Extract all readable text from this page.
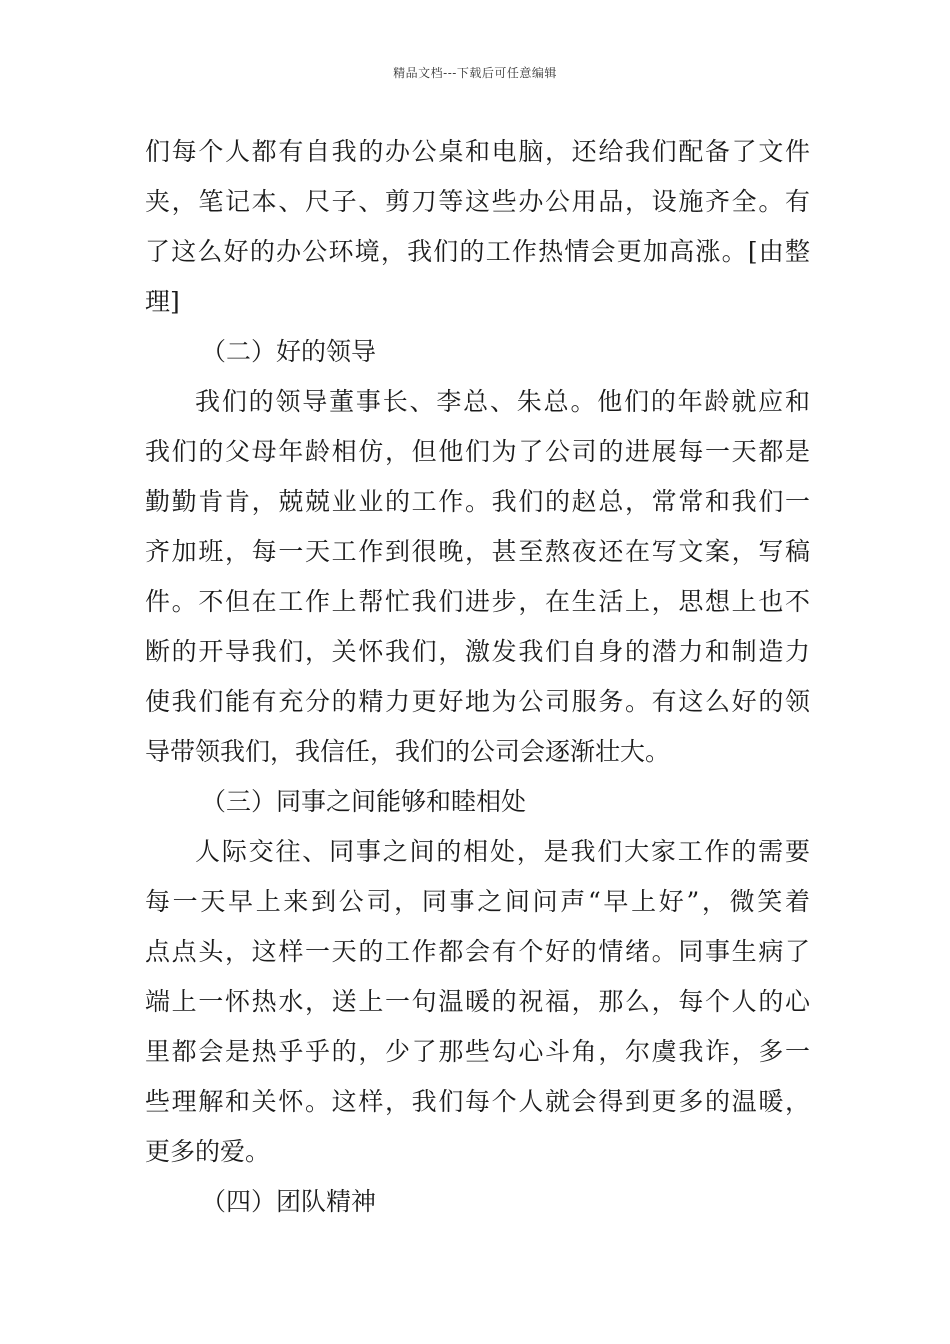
精品文档---下载后可任意编辑
们每个人都有自我的办公桌和电脑，还给我们配备了文件
夹，笔记本、尺子、剪刀等这些办公用品，设施齐全。有
了这么好的办公环境，我们的工作热情会更加高涨。[由整
理]
（二）好的领导
我们的领导董事长、李总、朱总。他们的年龄就应和
我们的父母年龄相仿，但他们为了公司的进展每一天都是
勤勤肯肯，兢兢业业的工作。我们的赵总，常常和我们一
齐加班，每一天工作到很晚，甚至熬夜还在写文案，写稿
件。不但在工作上帮忙我们进步，在生活上，思想上也不
断的开导我们，关怀我们，激发我们自身的潜力和制造力
使我们能有充分的精力更好地为公司服务。有这么好的领
导带领我们，我信任，我们的公司会逐渐壮大。
（三）同事之间能够和睦相处
人际交往、同事之间的相处，是我们大家工作的需要
每一天早上来到公司，同事之间问声“早上好”，微笑着
点点头，这样一天的工作都会有个好的情绪。同事生病了
端上一怀热水，送上一句温暖的祝福，那么，每个人的心
里都会是热乎乎的，少了那些勾心斗角，尔虞我诈，多一
些理解和关怀。这样，我们每个人就会得到更多的温暖，
更多的爱。
（四）团队精神
